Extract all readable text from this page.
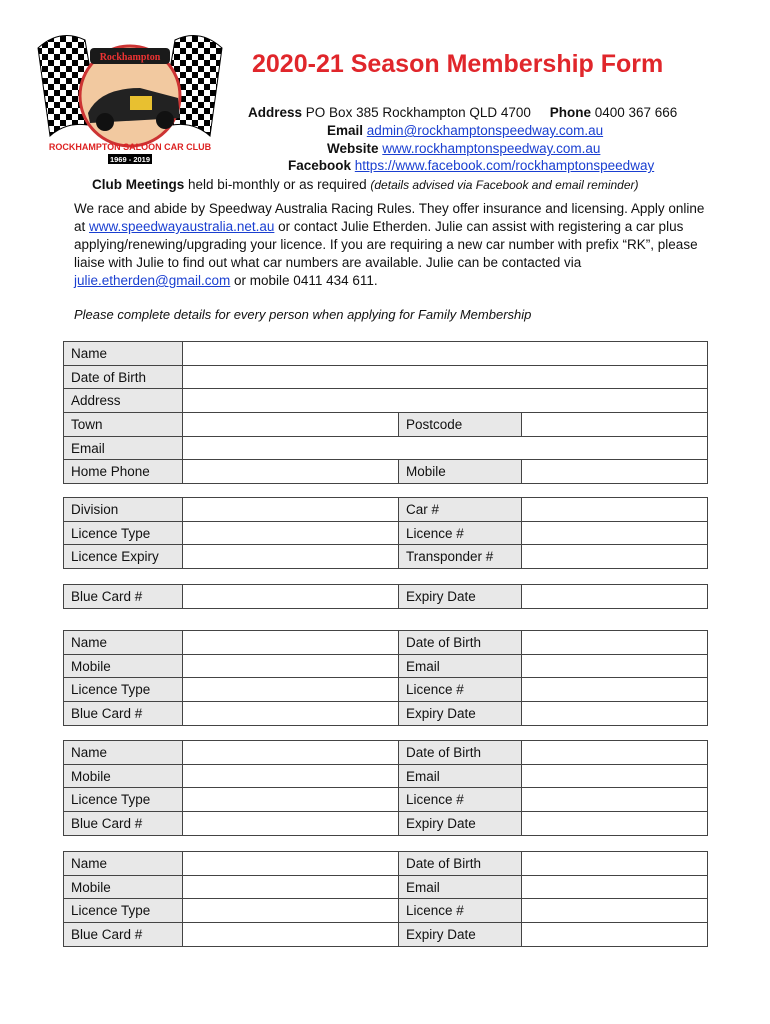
Rockhampton
ROCKHAMPTON SALOON CAR CLUB
1969 - 2019
2020-21 Season Membership Form
Address PO Box 385 Rockhampton QLD 4700 Phone 0400 367 666
Email admin@rockhamptonspeedway.com.au
Website www.rockhamptonspeedway.com.au
Facebook https://www.facebook.com/rockhamptonspeedway
Club Meetings held bi-monthly or as required (details advised via Facebook and email reminder)
We race and abide by Speedway Australia Racing Rules. They offer insurance and licensing. Apply online at www.speedwayaustralia.net.au or contact Julie Etherden. Julie can assist with registering a car plus applying/renewing/upgrading your licence. If you are requiring a new car number with prefix “RK”, please liaise with Julie to find out what car numbers are available. Julie can be contacted via julie.etherden@gmail.com or mobile 0411 434 611.
Please complete details for every person when applying for Family Membership
Name			
Date of Birth			
Address			
Town		Postcode	
Email			
Home Phone		Mobile	
Division		Car #	
Licence Type		Licence #	
Licence Expiry		Transponder #	
Blue Card #		Expiry Date	
Name		Date of Birth	
Mobile		Email	
Licence Type		Licence #	
Blue Card #		Expiry Date	
Name		Date of Birth	
Mobile		Email	
Licence Type		Licence #	
Blue Card #		Expiry Date	
Name		Date of Birth	
Mobile		Email	
Licence Type		Licence #	
Blue Card #		Expiry Date	
